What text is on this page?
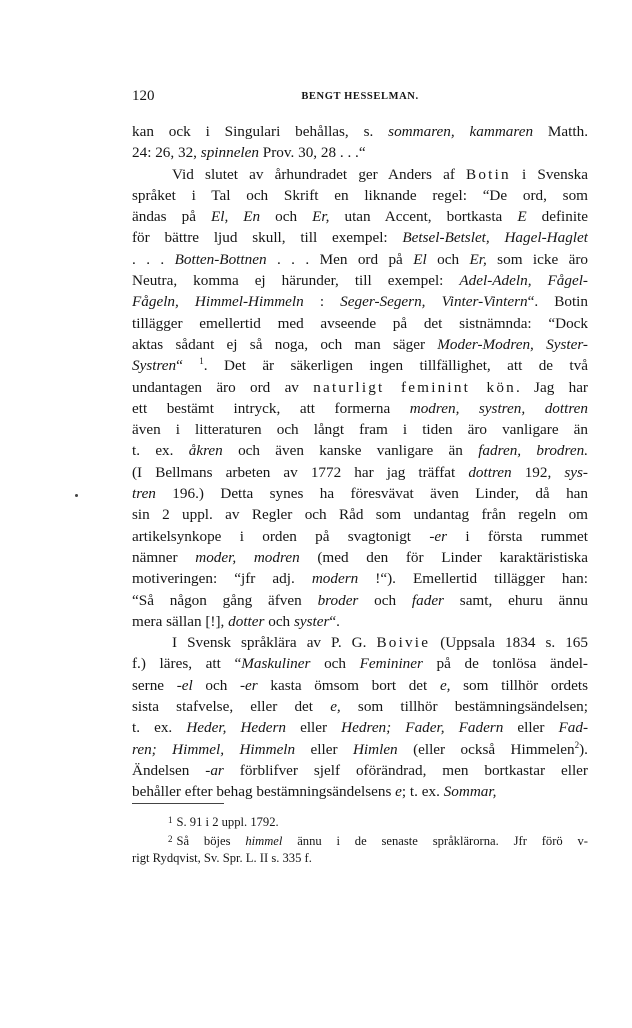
120	BENGT HESSELMAN.
kan ock i Singulari behållas, s. sommaren, kammaren Matth.
24: 26, 32, spinnelen Prov. 30, 28 . . .“
Vid slutet av århundradet ger Anders af Botin i Svenska
språket i Tal och Skrift en liknande regel: “De ord, som
ändas på El, En och Er, utan Accent, bortkasta E definite
för bättre ljud skull, till exempel: Betsel-Betslet, Hagel-Haglet
. . . Botten-Bottnen . . . Men ord på El och Er, som icke äro
Neutra, komma ej härunder, till exempel: Adel-Adeln, Fågel-
Fågeln, Himmel-Himmeln : Seger-Segern, Vinter-Vintern“. Botin
tillägger emellertid med avseende på det sistnämnda: “Dock
aktas sådant ej så noga, och man säger Moder-Modren, Syster-
Systren“ $^1$. Det är säkerligen ingen tillfällighet, att de två
undantagen äro ord av naturligt feminint kön. Jag har
ett bestämt intryck, att formerna modren, systren, dottren
även i litteraturen och långt fram i tiden äro vanligare än
t. ex. åkren och även kanske vanligare än fadren, brodren.
(I Bellmans arbeten av 1772 har jag träffat dottren 192, sys-
tren 196.) Detta synes ha föresvävat även Linder, då han
sin 2 uppl. av Regler och Råd som undantag från regeln om
artikelsynkope i orden på svagtonigt -er i första rummet
nämner moder, modren (med den för Linder karaktäristiska
motiveringen: “jfr adj. modern !“). Emellertid tillägger han:
“Så någon gång äfven broder och fader samt, ehuru ännu
mera sällan [!], dotter och syster“.
I Svensk språklära av P. G. Boivie (Uppsala 1834 s. 165
f.) läres, att “Maskuliner och Femininer på de tonlösa ändel-
serne -el och -er kasta ömsom bort det e, som tillhör ordets
sista stafvelse, eller det e, som tillhör bestämningsändelsen;
t. ex. Heder, Hedern eller Hedren; Fader, Fadern eller Fad-
ren; Himmel, Himmeln eller Himlen (eller också Himmelen$^2$).
Ändelsen -ar förblifver sjelf oförändrad, men bortkastar eller
behåller efter behag bestämningsändelsens e; t. ex. Sommar,
$^1$ S. 91 i 2 uppl. 1792.
$^2$ Så böjes himmel ännu i de senaste språklärorna. Jfr förö v-
rigt Rydqvist, Sv. Spr. L. II s. 335 f.
